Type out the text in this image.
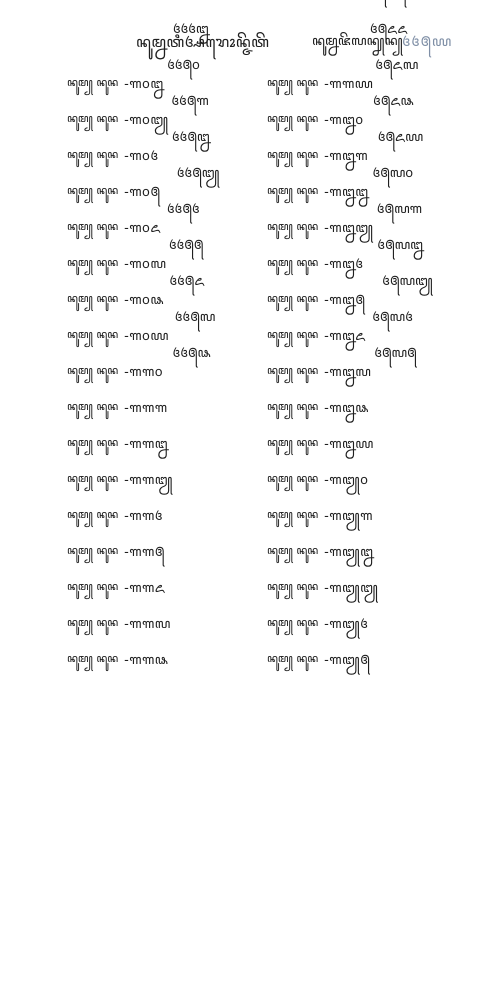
ꦤꦸꦩ꧀ꦤꦠꦶꦄꦫꦺꦴꦤ꧀ꦗꦼꦠꦼ	ꦤꦸꦩ꧀ꦤꦗꦼꦭꦤ꧀ꦚꦤ꧀ ꧔꧔꧕꧙
ꦤꦸꦩ꧀ ꦤꦸꦤ -꧑꧐꧒
ꦤꦸꦩ꧀ ꦤꦸꦤ -꧑꧐꧓
ꦤꦸꦩ꧀ ꦤꦸꦤ -꧑꧐꧔
ꦤꦸꦩ꧀ ꦤꦸꦤ -꧑꧐꧕
ꦤꦸꦩ꧀ ꦤꦸꦤ -꧑꧐꧖
ꦤꦸꦩ꧀ ꦤꦸꦤ -꧑꧐꧗
ꦤꦸꦩ꧀ ꦤꦸꦤ -꧑꧐꧘
ꦤꦸꦩ꧀ ꦤꦸꦤ -꧑꧐꧙
꧔꧔꧔꧒
ꦤꦸꦩ꧀ ꦤꦸꦤ -꧑꧑꧐
꧔꧔꧕꧐
ꦤꦸꦩ꧀ ꦤꦸꦤ -꧑꧑꧑
꧔꧔꧕꧑
ꦤꦸꦩ꧀ ꦤꦸꦤ -꧑꧑꧒
꧔꧔꧕꧒
ꦤꦸꦩ꧀ ꦤꦸꦤ -꧑꧑꧓
꧔꧔꧕꧓
ꦤꦸꦩ꧀ ꦤꦸꦤ -꧑꧑꧔
꧔꧔꧕꧔
ꦤꦸꦩ꧀ ꦤꦸꦤ -꧑꧑꧕
꧔꧔꧕꧕
ꦤꦸꦩ꧀ ꦤꦸꦤ -꧑꧑꧖
꧔꧔꧕꧖
ꦤꦸꦩ꧀ ꦤꦸꦤ -꧑꧑꧗
꧔꧔꧕꧗
ꦤꦸꦩ꧀ ꦤꦸꦤ -꧑꧑꧘
꧔꧔꧕꧘
ꦤꦸꦩ꧀ ꦤꦸꦤ -꧑꧑꧙
ꦤꦸꦩ꧀ ꦤꦸꦤ -꧑꧒꧐
ꦤꦸꦩ꧀ ꦤꦸꦤ -꧑꧒꧑
ꦤꦸꦩ꧀ ꦤꦸꦤ -꧑꧒꧒
ꦤꦸꦩ꧀ ꦤꦸꦤ -꧑꧒꧓
ꦤꦸꦩ꧀ ꦤꦸꦤ -꧑꧒꧔
ꦤꦸꦩ꧀ ꦤꦸꦤ -꧑꧒꧕
ꦤꦸꦩ꧀ ꦤꦸꦤ -꧑꧒꧖
꧔꧕꧖꧖
ꦤꦸꦩ꧀ ꦤꦸꦤ -꧑꧒꧗
꧔꧕꧖꧗
ꦤꦸꦩ꧀ ꦤꦸꦤ -꧑꧒꧘
꧔꧕꧖꧘
ꦤꦸꦩ꧀ ꦤꦸꦤ -꧑꧒꧙
꧔꧕꧖꧙
ꦤꦸꦩ꧀ ꦤꦸꦤ -꧑꧓꧐
꧔꧕꧗꧐
ꦤꦸꦩ꧀ ꦤꦸꦤ -꧑꧓꧑
꧔꧕꧗꧑
ꦤꦸꦩ꧀ ꦤꦸꦤ -꧑꧓꧒
꧔꧕꧗꧒
ꦤꦸꦩ꧀ ꦤꦸꦤ -꧑꧓꧓
꧔꧕꧗꧓
ꦤꦸꦩ꧀ ꦤꦸꦤ -꧑꧓꧔
꧔꧕꧗꧔
ꦤꦸꦩ꧀ ꦤꦸꦤ -꧑꧓꧕
꧔꧕꧗꧕
